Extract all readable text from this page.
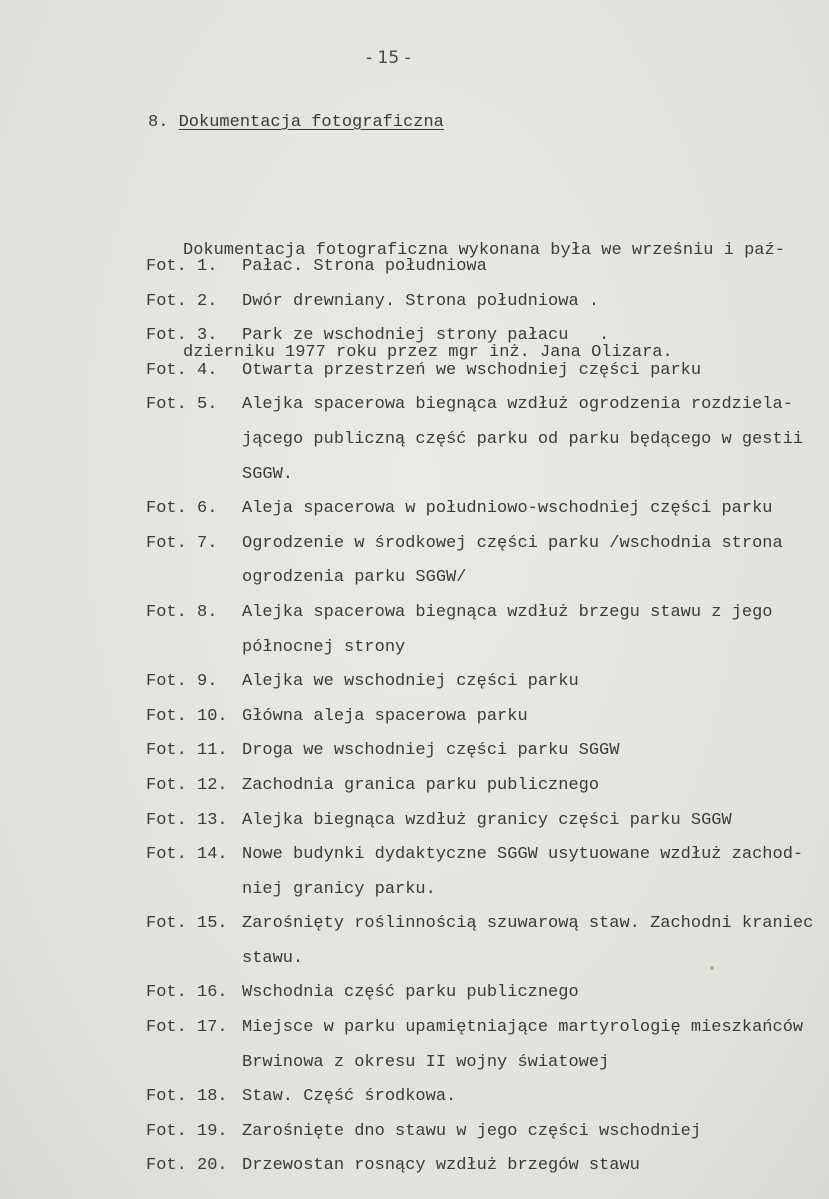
- 15 -
8. Dokumentacja fotograficzna

Dokumentacja fotograficzna wykonana była we wrześniu i paź-

dzierniku 1977 roku przez mgr inż. Jana Olizara.

Fot. 1.	Pałac. Strona południowa
Fot. 2.	Dwór drewniany. Strona południowa .
Fot. 3.	Park ze wschodniej strony pałacu   .
Fot. 4.	Otwarta przestrzeń we wschodniej części parku
Fot. 5.	Alejka spacerowa biegnąca wzdłuż ogrodzenia rozdziela-
jącego publiczną część parku od parku będącego w gestii
SGGW.
Fot. 6.	Aleja spacerowa w południowo-wschodniej części parku
Fot. 7.	Ogrodzenie w środkowej części parku /wschodnia strona
ogrodzenia parku SGGW/
Fot. 8.	Alejka spacerowa biegnąca wzdłuż brzegu stawu z jego
północnej strony
Fot. 9.	Alejka we wschodniej części parku
Fot. 10. Główna aleja spacerowa parku
Fot. 11. Droga we wschodniej części parku SGGW
Fot. 12. Zachodnia granica parku publicznego
Fot. 13. Alejka biegnąca wzdłuż granicy części parku SGGW
Fot. 14. Nowe budynki dydaktyczne SGGW usytuowane wzdłuż zachod-
niej granicy parku.
Fot. 15. Zarośnięty roślinnością szuwarową staw. Zachodni kraniec
stawu.
Fot. 16. Wschodnia część parku publicznego
Fot. 17. Miejsce w parku upamiętniające martyrologię mieszkańców
Brwinowa z okresu II wojny światowej
Fot. 18. Staw. Część środkowa.
Fot. 19. Zarośnięte dno stawu w jego części wschodniej
Fot. 20. Drzewostan rosnący wzdłuż brzegów stawu
